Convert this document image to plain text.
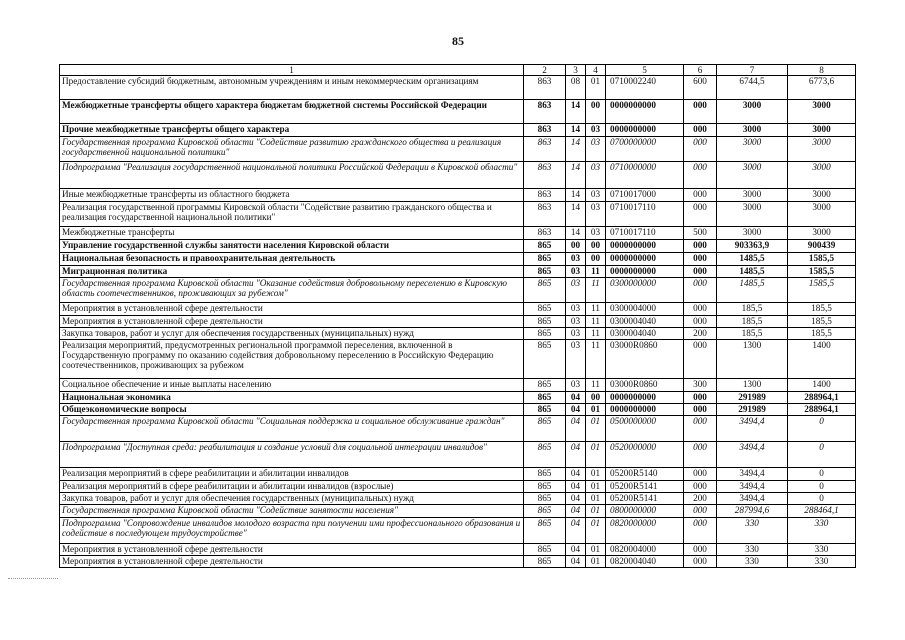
85
1	2	3	4	5	6	7	8
Предоставление субсидий бюджетным, автономным учреждениям и иным некоммерческим организациям	863	08	01	0710002240	600	6744,5	6773,6
Межбюджетные трансферты общего характера бюджетам бюджетной системы Российской Федерации	863	14	00	0000000000	000	3000	3000
Прочие межбюджетные трансферты общего характера	863	14	03	0000000000	000	3000	3000
Государственная программа Кировской области "Содействие развитию гражданского общества и реализация государственной национальной политики"	863	14	03	0700000000	000	3000	3000
Подпрограмма "Реализация государственной национальной политики Российской Федерации в Кировской области"	863	14	03	0710000000	000	3000	3000
Иные межбюджетные трансферты из областного бюджета	863	14	03	0710017000	000	3000	3000
Реализация государственной программы Кировской области "Содействие развитию гражданского общества и реализация государственной национальной политики"	863	14	03	0710017110	000	3000	3000
Межбюджетные трансферты	863	14	03	0710017110	500	3000	3000
Управление государственной службы занятости населения Кировской области	865	00	00	0000000000	000	903363,9	900439
Национальная безопасность и правоохранительная деятельность	865	03	00	0000000000	000	1485,5	1585,5
Миграционная политика	865	03	11	0000000000	000	1485,5	1585,5
Государственная программа Кировской области "Оказание содействия добровольному переселению в Кировскую область соотечественников, проживающих за рубежом"	865	03	11	0300000000	000	1485,5	1585,5
Мероприятия в установленной сфере деятельности	865	03	11	0300004000	000	185,5	185,5
Мероприятия в установленной сфере деятельности	865	03	11	0300004040	000	185,5	185,5
Закупка товаров, работ и услуг для обеспечения государственных (муниципальных) нужд	865	03	11	0300004040	200	185,5	185,5
Реализация мероприятий, предусмотренных региональной программой переселения, включенной в Государственную программу по оказанию содействия добровольному переселению в Российскую Федерацию соотечественников, проживающих за рубежом	865	03	11	03000R0860	000	1300	1400
Социальное обеспечение и иные выплаты населению	865	03	11	03000R0860	300	1300	1400
Национальная экономика	865	04	00	0000000000	000	291989	288964,1
Общеэкономические вопросы	865	04	01	0000000000	000	291989	288964,1
Государственная программа Кировской области "Социальная поддержка и социальное обслуживание граждан"	865	04	01	0500000000	000	3494,4	0
Подпрограмма "Доступная среда: реабилитация и создание условий для социальной интеграции инвалидов"	865	04	01	0520000000	000	3494,4	0
Реализация мероприятий в сфере реабилитации и абилитации инвалидов	865	04	01	05200R5140	000	3494,4	0
Реализация мероприятий в сфере реабилитации и абилитации инвалидов (взрослые)	865	04	01	05200R5141	000	3494,4	0
Закупка товаров, работ и услуг для обеспечения государственных (муниципальных) нужд	865	04	01	05200R5141	200	3494,4	0
Государственная программа Кировской области "Содействие занятости населения"	865	04	01	0800000000	000	287994,6	288464,1
Подпрограмма "Сопровождение инвалидов молодого возраста при получении ими профессионального образования и содействие в последующем трудоустройстве"	865	04	01	0820000000	000	330	330
Мероприятия в установленной сфере деятельности	865	04	01	0820004000	000	330	330
Мероприятия в установленной сфере деятельности	865	04	01	0820004040	000	330	330
